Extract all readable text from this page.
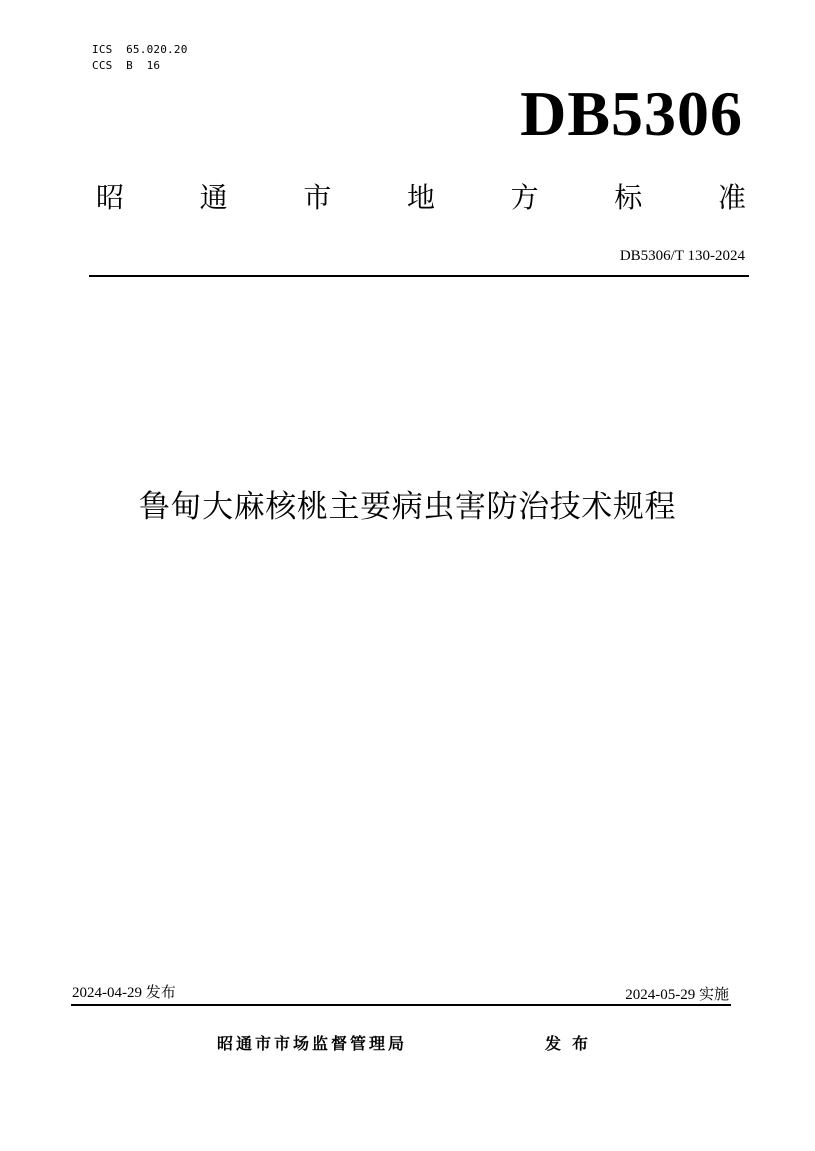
ICS  65.020.20
CCS  B  16
DB5306
昭	通	市	地	方	标	准
DB5306/T 130-2024
鲁甸大麻核桃主要病虫害防治技术规程
2024-04-29 发布	2024-05-29 实施
昭通市市场监督管理局	发布
